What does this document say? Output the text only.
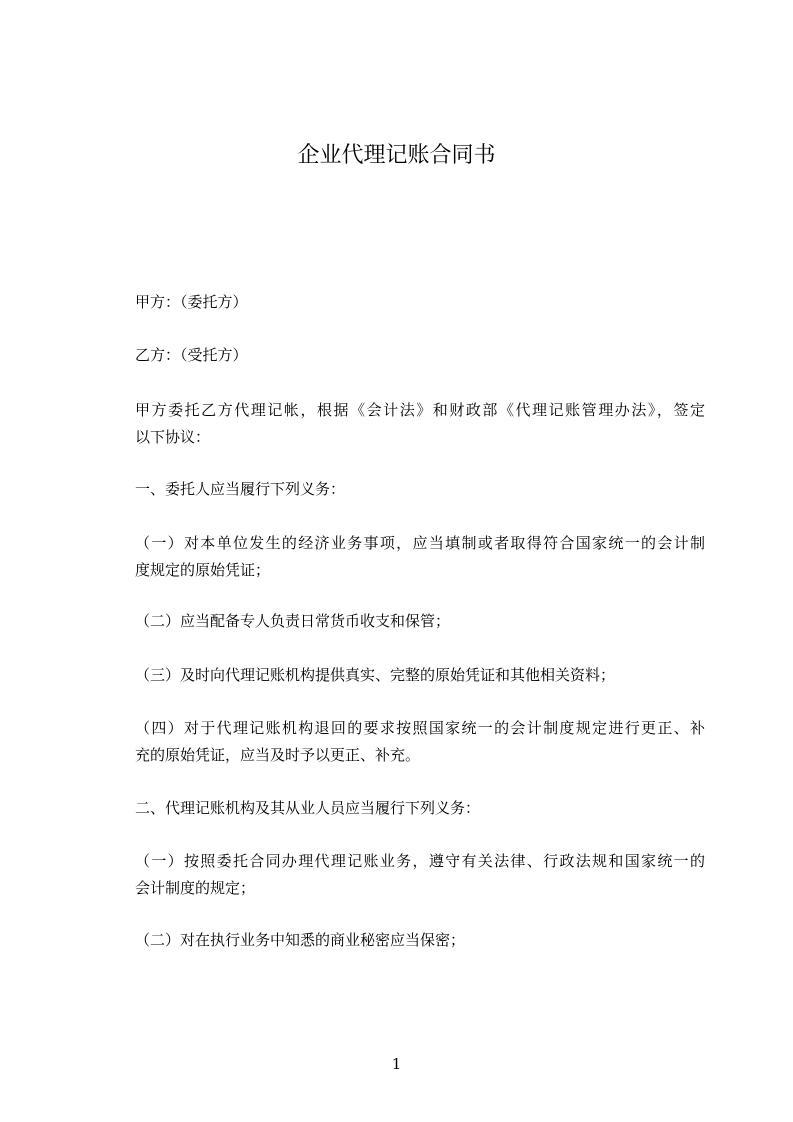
企业代理记账合同书
甲方：（委托方）
乙方：（受托方）
甲方委托乙方代理记帐，根据《会计法》和财政部《代理记账管理办法》，签定
以下协议：
一、委托人应当履行下列义务：
（一）对本单位发生的经济业务事项，应当填制或者取得符合国家统一的会计制
度规定的原始凭证；
（二）应当配备专人负责日常货币收支和保管；
（三）及时向代理记账机构提供真实、完整的原始凭证和其他相关资料；
（四）对于代理记账机构退回的要求按照国家统一的会计制度规定进行更正、补
充的原始凭证，应当及时予以更正、补充。
二、代理记账机构及其从业人员应当履行下列义务：
（一）按照委托合同办理代理记账业务，遵守有关法律、行政法规和国家统一的
会计制度的规定；
（二）对在执行业务中知悉的商业秘密应当保密；
1
